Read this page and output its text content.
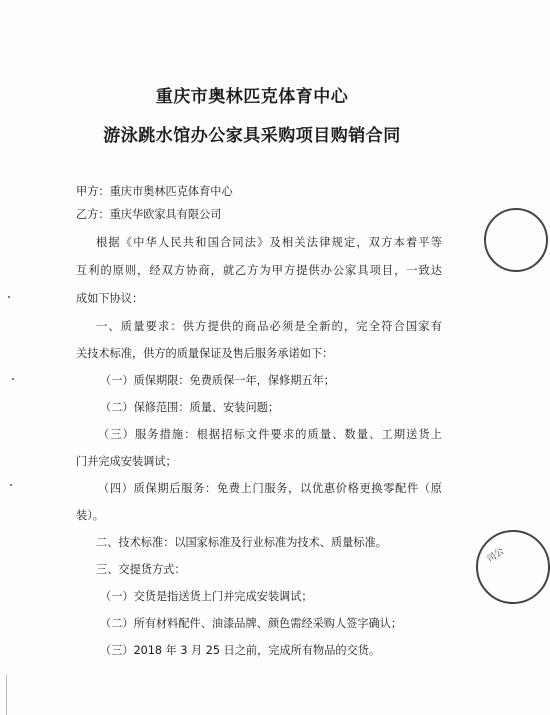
重庆市奥林匹克体育中心
游泳跳水馆办公家具采购项目购销合同
甲方：重庆市奥林匹克体育中心
乙方：重庆华欧家具有限公司
根据《中华人民共和国合同法》及相关法律规定，双方本着平等
互利的原则，经双方协商，就乙方为甲方提供办公家具项目，一致达
成如下协议：
一、质量要求：供方提供的商品必须是全新的，完全符合国家有
关技术标准，供方的质量保证及售后服务承诺如下：
（一）质保期限：免费质保一年，保修期五年；
（二）保修范围：质量、安装问题；
（三）服务措施：根据招标文件要求的质量、数量、工期送货上
门并完成安装调试；
（四）质保期后服务：免费上门服务，以优惠价格更换零配件（原
装）。
二、技术标准：以国家标准及行业标准为技术、质量标准。
三、交提货方式：
（一）交货是指送货上门并完成安装调试；
（二）所有材料配件、油漆品牌、颜色需经采购人签字确认；
（三）2018 年 3 月 25 日之前，完成所有物品的交货。
司公
